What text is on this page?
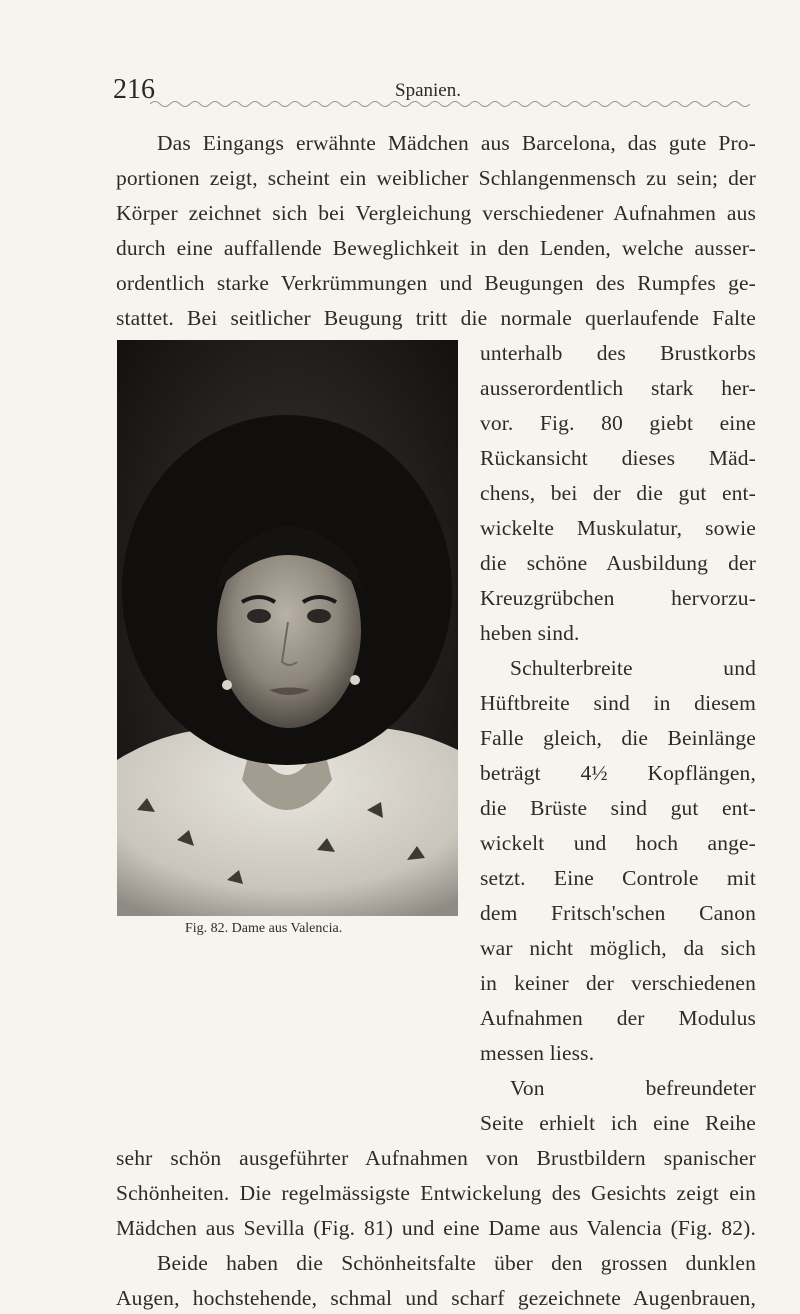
216	Spanien.
Das Eingangs erwähnte Mädchen aus Barcelona, das gute Pro-
portionen zeigt, scheint ein weiblicher Schlangenmensch zu sein; der
Körper zeichnet sich bei Vergleichung verschiedener Aufnahmen aus
durch eine auffallende Beweglichkeit in den Lenden, welche ausser-
ordentlich starke Verkrümmungen und Beugungen des Rumpfes ge-
stattet. Bei seitlicher Beugung tritt die normale querlaufende Falte
unterhalb des Brustkorbs
ausserordentlich stark her-
vor. Fig. 80 giebt eine
Rückansicht dieses Mäd-
chens, bei der die gut ent-
wickelte Muskulatur, sowie
die schöne Ausbildung der
Kreuzgrübchen hervorzu-
heben sind.
Schulterbreite und
Hüftbreite sind in diesem
Falle gleich, die Beinlänge
beträgt 4½ Kopflängen,
die Brüste sind gut ent-
wickelt und hoch ange-
setzt. Eine Controle mit
dem Fritsch'schen Canon
war nicht möglich, da sich
in keiner der verschiedenen
Aufnahmen der Modulus
messen liess.
Von befreundeter
Seite erhielt ich eine Reihe
sehr schön ausgeführter Aufnahmen von Brustbildern spanischer
Schönheiten. Die regelmässigste Entwickelung des Gesichts zeigt ein
Mädchen aus Sevilla (Fig. 81) und eine Dame aus Valencia (Fig. 82).
Beide haben die Schönheitsfalte über den grossen dunklen
Augen, hochstehende, schmal und scharf gezeichnete Augenbrauen,
Fig. 82. Dame aus Valencia.
